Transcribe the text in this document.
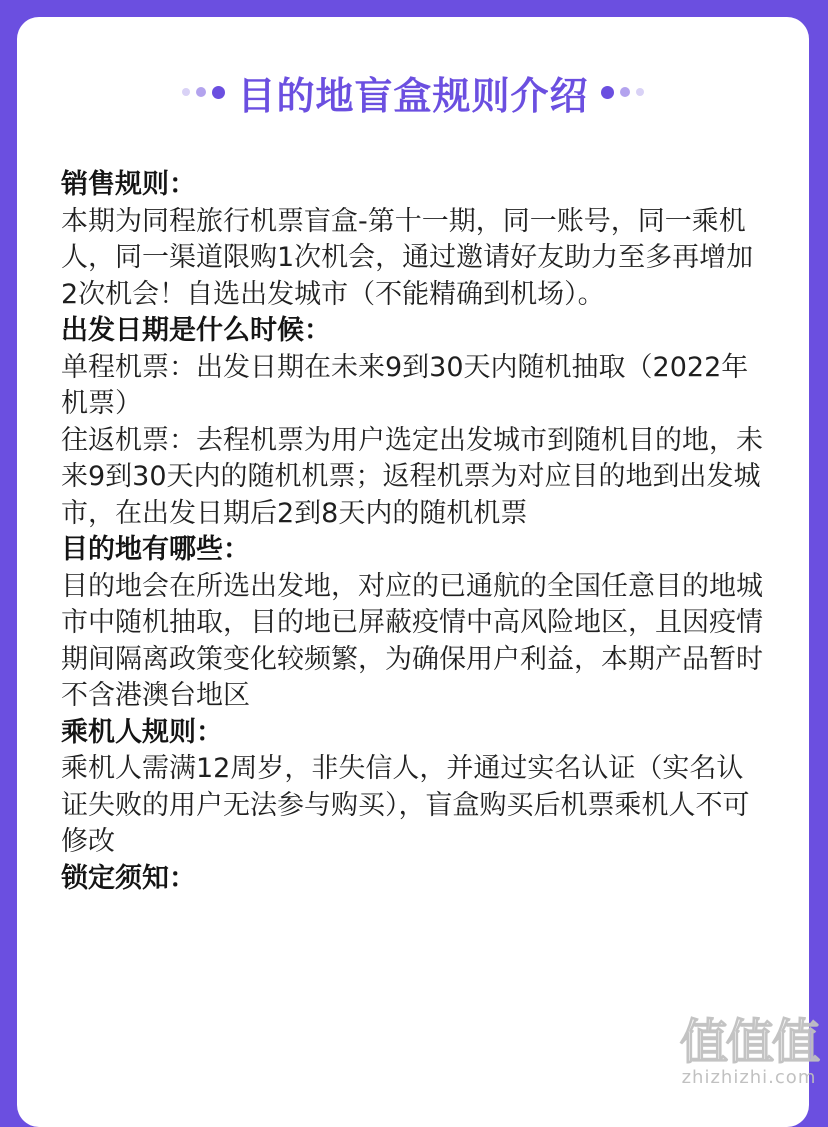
目的地盲盒规则介绍
销售规则：

本期为同程旅行机票盲盒-第十一期，同一账号，同一乘机人，同一渠道限购1次机会，通过邀请好友助力至多再增加2次机会！自选出发城市（不能精确到机场）。

出发日期是什么时候：

单程机票：出发日期在未来9到30天内随机抽取（2022年机票）

往返机票：去程机票为用户选定出发城市到随机目的地，未来9到30天内的随机机票；返程机票为对应目的地到出发城市，在出发日期后2到8天内的随机机票

目的地有哪些：

目的地会在所选出发地，对应的已通航的全国任意目的地城市中随机抽取，目的地已屏蔽疫情中高风险地区，且因疫情期间隔离政策变化较频繁，为确保用户利益，本期产品暂时不含港澳台地区

乘机人规则：

乘机人需满12周岁，非失信人，并通过实名认证（实名认证失败的用户无法参与购买），盲盒购买后机票乘机人不可修改

锁定须知：
值值值
zhizhizhi.com
